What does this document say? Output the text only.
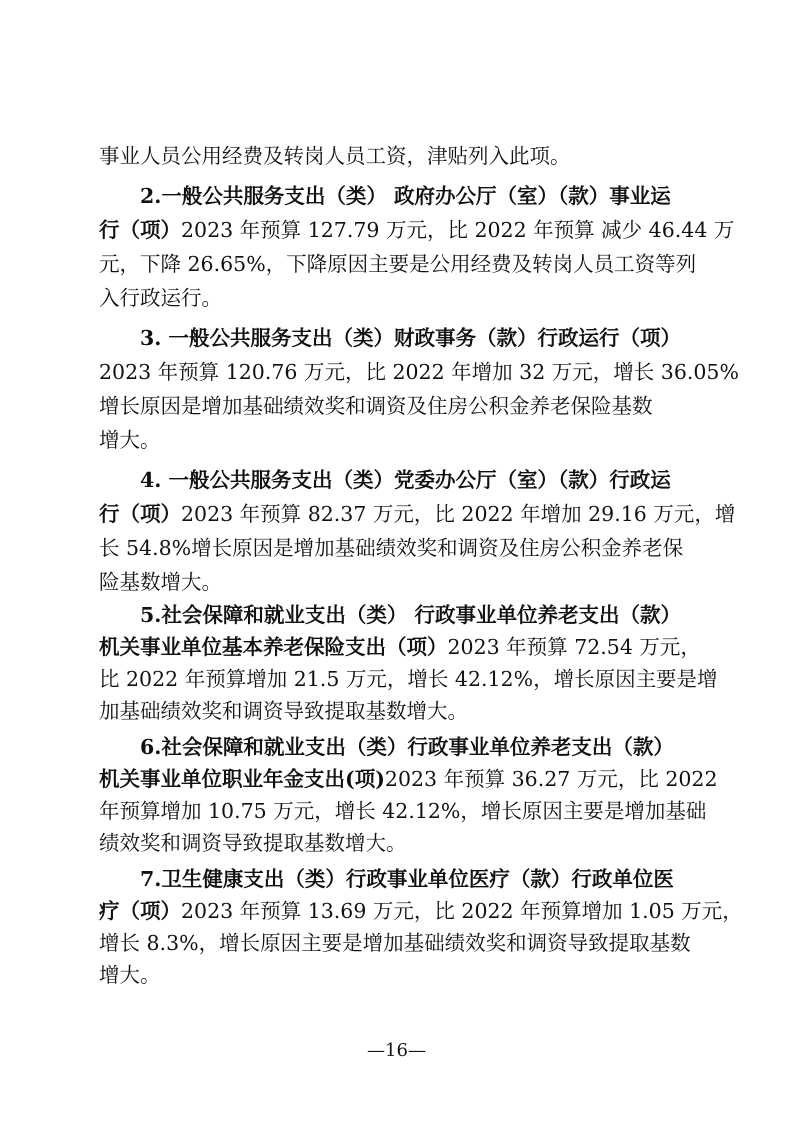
事业人员公用经费及转岗人员工资，津贴列入此项。
2.一般公共服务支出（类） 政府办公厅（室）（款）事业运
行（项）2023 年预算 127.79 万元，比 2022 年预算 减少 46.44 万
元，下降 26.65%，下降原因主要是公用经费及转岗人员工资等列
入行政运行。
3. 一般公共服务支出（类）财政事务（款）行政运行（项）
2023 年预算 120.76 万元，比 2022 年增加 32 万元，增长 36.05%
增长原因是增加基础绩效奖和调资及住房公积金养老保险基数
增大。
4. 一般公共服务支出（类）党委办公厅（室）（款）行政运
行（项）2023 年预算 82.37 万元，比 2022 年增加 29.16 万元，增
长 54.8%增长原因是增加基础绩效奖和调资及住房公积金养老保
险基数增大。
5.社会保障和就业支出（类） 行政事业单位养老支出（款）
机关事业单位基本养老保险支出（项）2023 年预算 72.54 万元，
比 2022 年预算增加 21.5 万元，增长 42.12%，增长原因主要是增
加基础绩效奖和调资导致提取基数增大。
6.社会保障和就业支出（类）行政事业单位养老支出（款）
机关事业单位职业年金支出(项)2023 年预算 36.27 万元，比 2022
年预算增加 10.75 万元，增长 42.12%，增长原因主要是增加基础
绩效奖和调资导致提取基数增大。
7.卫生健康支出（类）行政事业单位医疗（款）行政单位医
疗（项）2023 年预算 13.69 万元，比 2022 年预算增加 1.05 万元，
增长 8.3%，增长原因主要是增加基础绩效奖和调资导致提取基数
增大。
—16—
